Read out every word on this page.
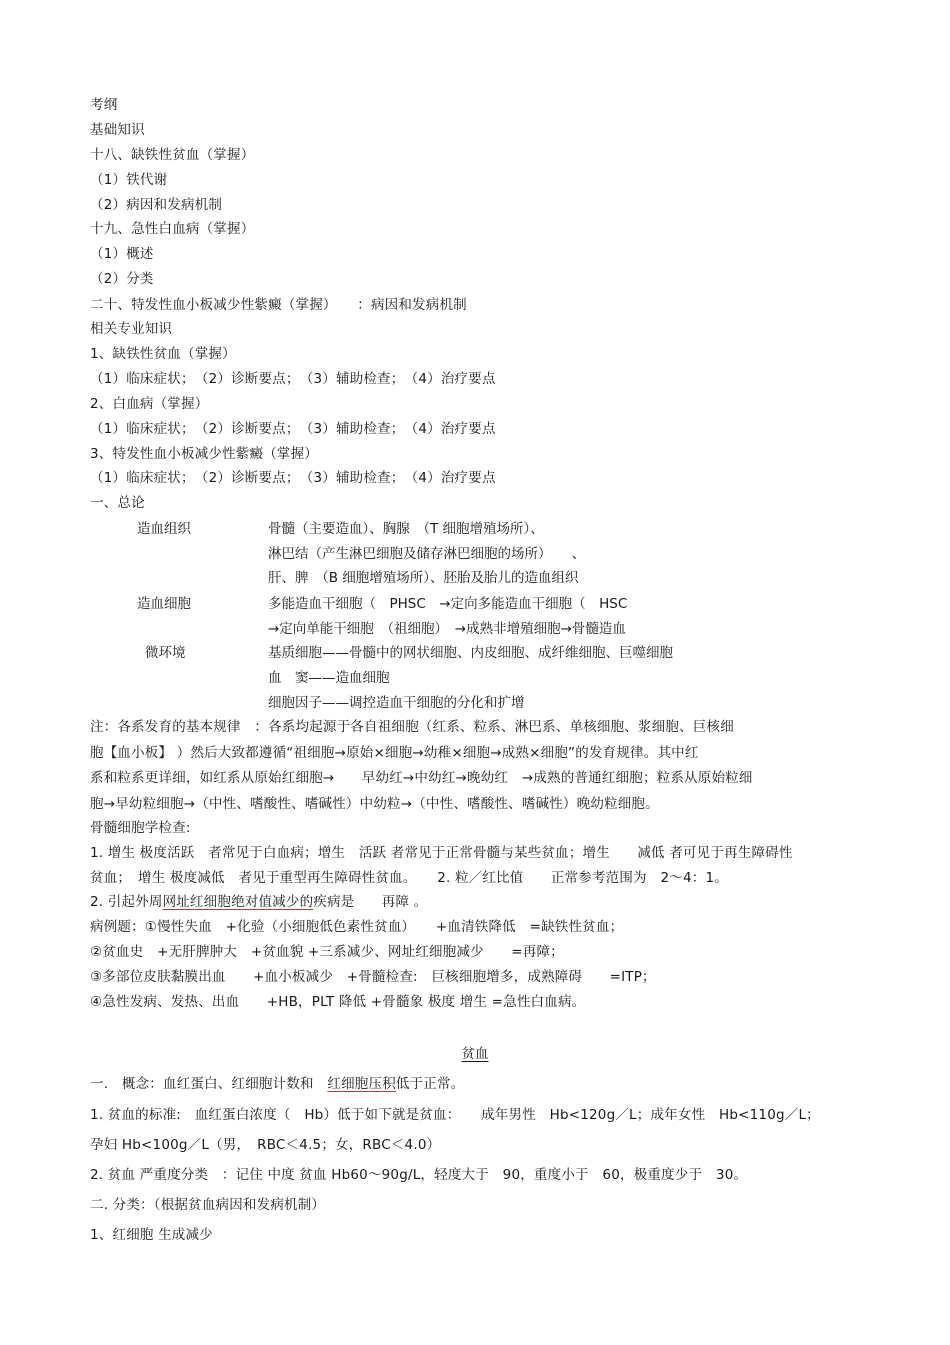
考纲
基础知识
十八、缺铁性贫血（掌握）
（1）铁代谢
（2）病因和发病机制
十九、急性白血病（掌握）
（1）概述
（2）分类
二十、特发性血小板减少性紫癜（掌握）　　：病因和发病机制
相关专业知识
1、缺铁性贫血（掌握）
（1）临床症状；　（2）诊断要点；　（3）辅助检查；　（4）治疗要点
2、白血病（掌握）
（1）临床症状；　（2）诊断要点；　（3）辅助检查；　（4）治疗要点
3、特发性血小板减少性紫癜（掌握）
（1）临床症状；　（2）诊断要点；　（3）辅助检查；　（4）治疗要点
一、总论
造血组织	骨髓（主要造血）、胸腺　（T 细胞增殖场所）、
淋巴结（产生淋巴细胞及储存淋巴细胞的场所）　　、
肝、脾　（B 细胞增殖场所）、胚胎及胎儿的造血组织
造血细胞	多能造血干细胞（　PHSC　→定向多能造血干细胞（　HSC
→定向单能干细胞　（祖细胞）　→成熟非增殖细胞→骨髓造血
微环境	基质细胞——骨髓中的网状细胞、内皮细胞、成纤维细胞、巨噬细胞
血　窦——造血细胞
细胞因子——调控造血干细胞的分化和扩增
注：各系发育的基本规律　：各系均起源于各自祖细胞（红系、粒系、淋巴系、单核细胞、浆细胞、巨核细
胞【血小板】 ）然后大致都遵循“祖细胞→原始×细胞→幼稚×细胞→成熟×细胞”的发育规律。其中红
系和粒系更详细，如红系从原始红细胞→　　早幼红→中幼红→晚幼红　→成熟的普通红细胞；粒系从原始粒细
胞→早幼粒细胞→（中性、嗜酸性、嗜碱性）中幼粒→（中性、嗜酸性、嗜碱性）晚幼粒细胞。
骨髓细胞学检查:
1. 增生 极度活跃　者常见于白血病；增生　活跃 者常见于正常骨髓与某些贫血；增生　　减低 者可见于再生障碍性
贫血；　增生 极度减低　者见于重型再生障碍性贫血。　　2. 粒／红比值　　正常参考范围为　2～4：1。
2. 引起外周网址红细胞绝对值减少的疾病是　　再障 。
病例题：①慢性失血　+化验（小细胞低色素性贫血）　　+血清铁降低　=缺铁性贫血；
②贫血史　+无肝脾肿大　+贫血貌 +三系减少、网址红细胞减少　　=再障；
③多部位皮肤黏膜出血　　+血小板减少　+骨髓检查:　巨核细胞增多，成熟障碍　　=ITP；
④急性发病、发热、出血　　+HB，PLT 降低 +骨髓象 极度 增生 =急性白血病。
贫血
一.　概念：血红蛋白、红细胞计数和　红细胞压积低于正常。
1. 贫血的标准:　血红蛋白浓度（　Hb）低于如下就是贫血：　　成年男性　Hb<120g／L；成年女性　Hb<110g／L；
孕妇 Hb<100g／L（男，　RBC＜4.5；女，RBC＜4.0）
2. 贫血 严重度分类　：记住 中度 贫血 Hb60～90g/L，轻度大于　90，重度小于　60，极重度少于　30。
二. 分类：（根据贫血病因和发病机制）
1、红细胞 生成减少
